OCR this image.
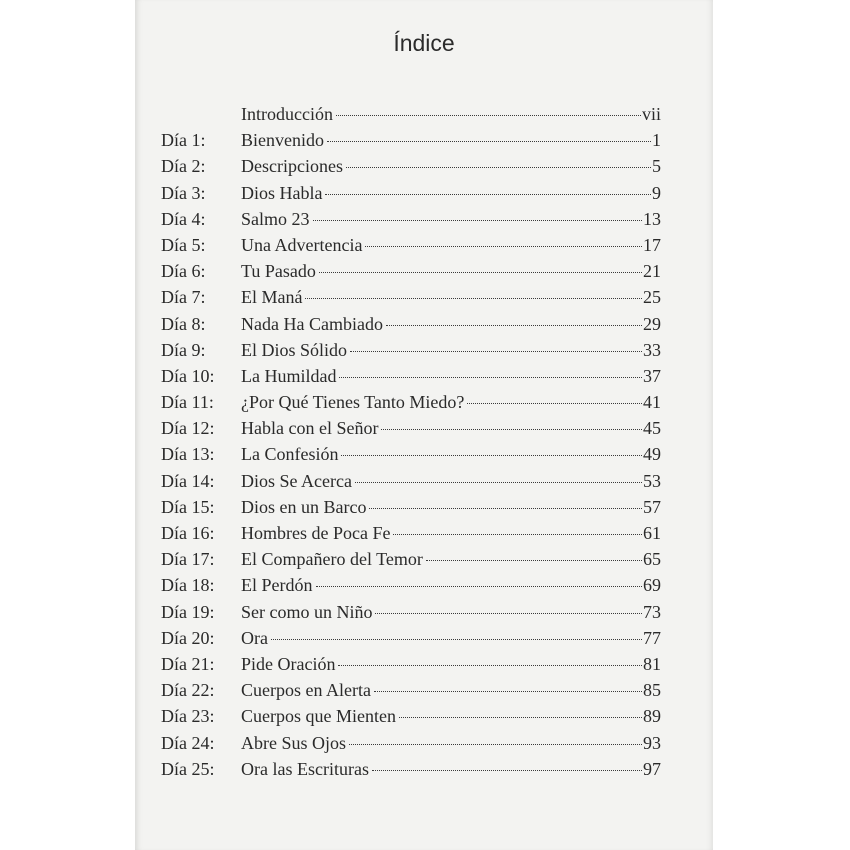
Índice
Introducción	vii
Día 1:	Bienvenido	1
Día 2:	Descripciones	5
Día 3:	Dios Habla	9
Día 4:	Salmo 23	13
Día 5:	Una Advertencia	17
Día 6:	Tu Pasado	21
Día 7:	El Maná	25
Día 8:	Nada Ha Cambiado	29
Día 9:	El Dios Sólido	33
Día 10:	La Humildad	37
Día 11:	¿Por Qué Tienes Tanto Miedo?	41
Día 12:	Habla con el Señor	45
Día 13:	La Confesión	49
Día 14:	Dios Se Acerca	53
Día 15:	Dios en un Barco	57
Día 16:	Hombres de Poca Fe	61
Día 17:	El Compañero del Temor	65
Día 18:	El Perdón	69
Día 19:	Ser como un Niño	73
Día 20:	Ora	77
Día 21:	Pide Oración	81
Día 22:	Cuerpos en Alerta	85
Día 23:	Cuerpos que Mienten	89
Día 24:	Abre Sus Ojos	93
Día 25:	Ora las Escrituras	97
